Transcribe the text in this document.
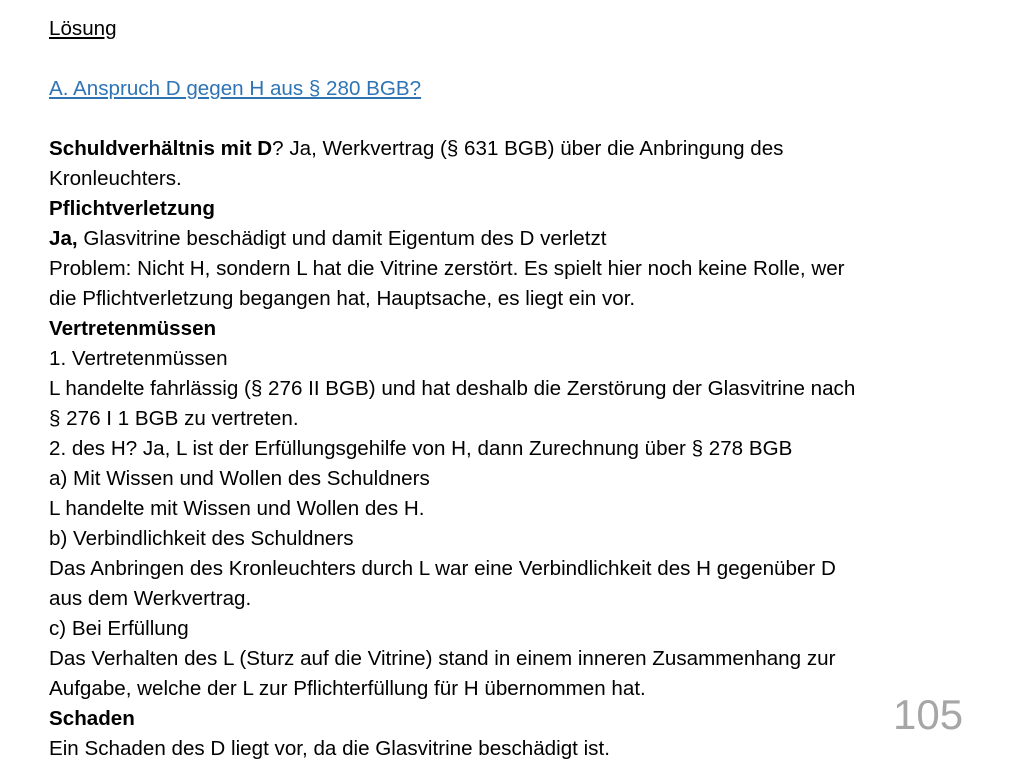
Lösung
A. Anspruch D gegen H aus § 280 BGB?
Schuldverhältnis mit D? Ja, Werkvertrag (§ 631 BGB) über die Anbringung des
Kronleuchters.
Pflichtverletzung
Ja, Glasvitrine beschädigt und damit Eigentum des D verletzt
Problem: Nicht H, sondern L hat die Vitrine zerstört. Es spielt hier noch keine Rolle, wer
die Pflichtverletzung begangen hat, Hauptsache, es liegt ein vor.
Vertretenmüssen
1. Vertretenmüssen
L handelte fahrlässig (§ 276 II BGB) und hat deshalb die Zerstörung der Glasvitrine nach
§ 276 I 1 BGB zu vertreten.
2. des H? Ja, L ist der Erfüllungsgehilfe von H, dann Zurechnung über § 278 BGB
a) Mit Wissen und Wollen des Schuldners
L handelte mit Wissen und Wollen des H.
b) Verbindlichkeit des Schuldners
Das Anbringen des Kronleuchters durch L war eine Verbindlichkeit des H gegenüber D
aus dem Werkvertrag.
c) Bei Erfüllung
Das Verhalten des L (Sturz auf die Vitrine) stand in einem inneren Zusammenhang zur
Aufgabe, welche der L zur Pflichterfüllung für H übernommen hat.
Schaden
Ein Schaden des D liegt vor, da die Glasvitrine beschädigt ist.
105
